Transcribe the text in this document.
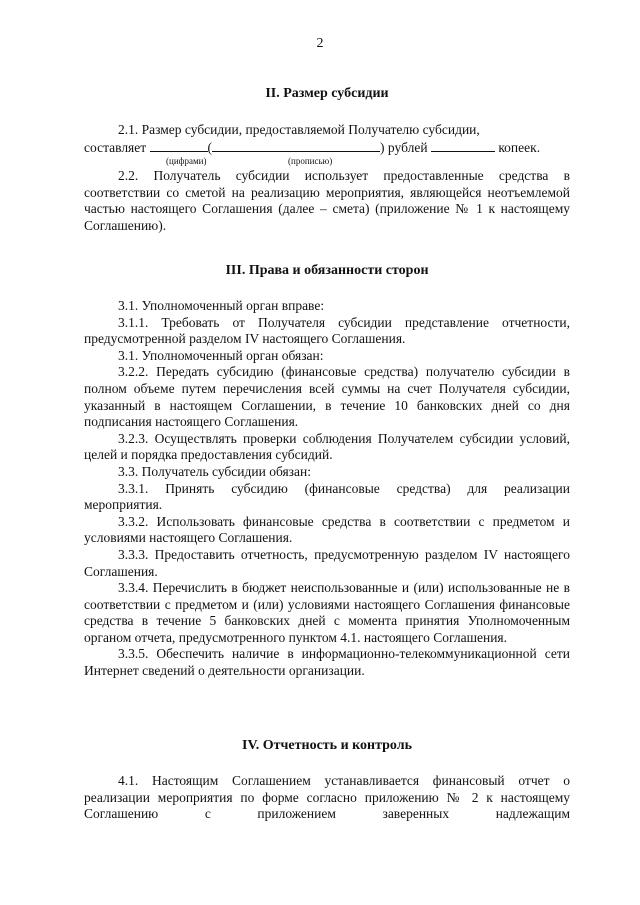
2
II. Размер субсидии
2.1. Размер субсидии, предоставляемой Получателю субсидии,
составляет	(	) рублей	копеек.
(цифрами)	(прописью)

2.2. Получатель субсидии использует предоставленные средства в соответствии со сметой на реализацию мероприятия, являющейся неотъемлемой частью настоящего Соглашения (далее – смета) (приложение № 1 к настоящему Соглашению).

III. Права и обязанности сторон

3.1. Уполномоченный орган вправе:

3.1.1. Требовать от Получателя субсидии представление отчетности, предусмотренной разделом IV настоящего Соглашения.

3.1. Уполномоченный орган обязан:

3.2.2. Передать субсидию (финансовые средства) получателю субсидии в полном объеме путем перечисления всей суммы на счет Получателя субсидии, указанный в настоящем Соглашении, в течение 10 банковских дней со дня подписания настоящего Соглашения.

3.2.3. Осуществлять проверки соблюдения Получателем субсидии условий, целей и порядка предоставления субсидий.

3.3. Получатель субсидии обязан:

3.3.1. Принять субсидию (финансовые средства) для реализации мероприятия.

3.3.2. Использовать финансовые средства в соответствии с предметом и условиями настоящего Соглашения.

3.3.3. Предоставить отчетность, предусмотренную разделом IV настоящего Соглашения.

3.3.4. Перечислить в бюджет неиспользованные и (или) использованные не в соответствии с предметом и (или) условиями настоящего Соглашения финансовые средства в течение 5 банковских дней с момента принятия Уполномоченным органом отчета, предусмотренного пунктом 4.1. настоящего Соглашения.

3.3.5. Обеспечить наличие в информационно-телекоммуникационной сети Интернет сведений о деятельности организации.

IV. Отчетность и контроль

4.1. Настоящим Соглашением устанавливается финансовый отчет о реализации мероприятия по форме согласно приложению № 2 к настоящему Соглашению с приложением заверенных надлежащим
